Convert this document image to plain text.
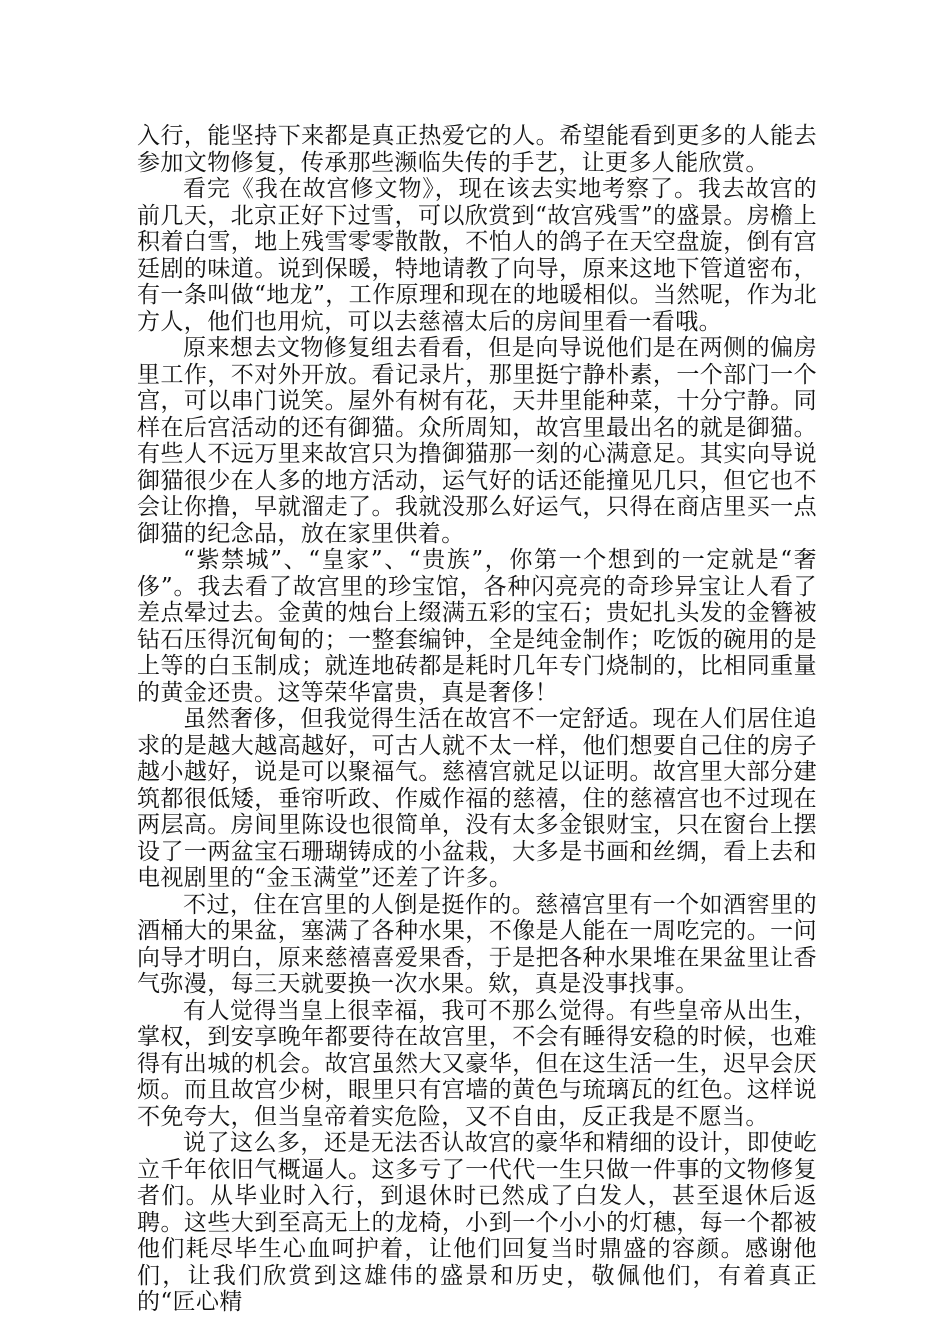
入行，能坚持下来都是真正热爱它的人。希望能看到更多的人能去参加文物修复，传承那些濒临失传的手艺，让更多人能欣赏。

看完《我在故宫修文物》，现在该去实地考察了。我去故宫的前几天，北京正好下过雪，可以欣赏到“故宫残雪”的盛景。房檐上积着白雪，地上残雪零零散散，不怕人的鸽子在天空盘旋，倒有宫廷剧的味道。说到保暖，特地请教了向导，原来这地下管道密布，有一条叫做“地龙”，工作原理和现在的地暖相似。当然呢，作为北方人，他们也用炕，可以去慈禧太后的房间里看一看哦。

原来想去文物修复组去看看，但是向导说他们是在两侧的偏房里工作，不对外开放。看记录片，那里挺宁静朴素，一个部门一个宫，可以串门说笑。屋外有树有花，天井里能种菜，十分宁静。同样在后宫活动的还有御猫。众所周知，故宫里最出名的就是御猫。有些人不远万里来故宫只为撸御猫那一刻的心满意足。其实向导说御猫很少在人多的地方活动，运气好的话还能撞见几只，但它也不会让你撸，早就溜走了。我就没那么好运气，只得在商店里买一点御猫的纪念品，放在家里供着。

“紫禁城”、“皇家”、“贵族”，你第一个想到的一定就是“奢侈”。我去看了故宫里的珍宝馆，各种闪亮亮的奇珍异宝让人看了差点晕过去。金黄的烛台上缀满五彩的宝石；贵妃扎头发的金簪被钻石压得沉甸甸的；一整套编钟，全是纯金制作；吃饭的碗用的是上等的白玉制成；就连地砖都是耗时几年专门烧制的，比相同重量的黄金还贵。这等荣华富贵，真是奢侈！

虽然奢侈，但我觉得生活在故宫不一定舒适。现在人们居住追求的是越大越高越好，可古人就不太一样，他们想要自己住的房子越小越好，说是可以聚福气。慈禧宫就足以证明。故宫里大部分建筑都很低矮，垂帘听政、作威作福的慈禧，住的慈禧宫也不过现在两层高。房间里陈设也很简单，没有太多金银财宝，只在窗台上摆设了一两盆宝石珊瑚铸成的小盆栽，大多是书画和丝绸，看上去和电视剧里的“金玉满堂”还差了许多。

不过，住在宫里的人倒是挺作的。慈禧宫里有一个如酒窖里的酒桶大的果盆，塞满了各种水果，不像是人能在一周吃完的。一问向导才明白，原来慈禧喜爱果香，于是把各种水果堆在果盆里让香气弥漫，每三天就要换一次水果。欸，真是没事找事。

有人觉得当皇上很幸福，我可不那么觉得。有些皇帝从出生，掌权，到安享晚年都要待在故宫里，不会有睡得安稳的时候，也难得有出城的机会。故宫虽然大又豪华，但在这生活一生，迟早会厌烦。而且故宫少树，眼里只有宫墙的黄色与琉璃瓦的红色。这样说不免夸大，但当皇帝着实危险，又不自由，反正我是不愿当。

说了这么多，还是无法否认故宫的豪华和精细的设计，即使屹立千年依旧气概逼人。这多亏了一代代一生只做一件事的文物修复者们。从毕业时入行，到退休时已然成了白发人，甚至退休后返聘。这些大到至高无上的龙椅，小到一个小小的灯穗，每一个都被他们耗尽毕生心血呵护着，让他们回复当时鼎盛的容颜。感谢他们，让我们欣赏到这雄伟的盛景和历史，敬佩他们，有着真正的“匠心精
